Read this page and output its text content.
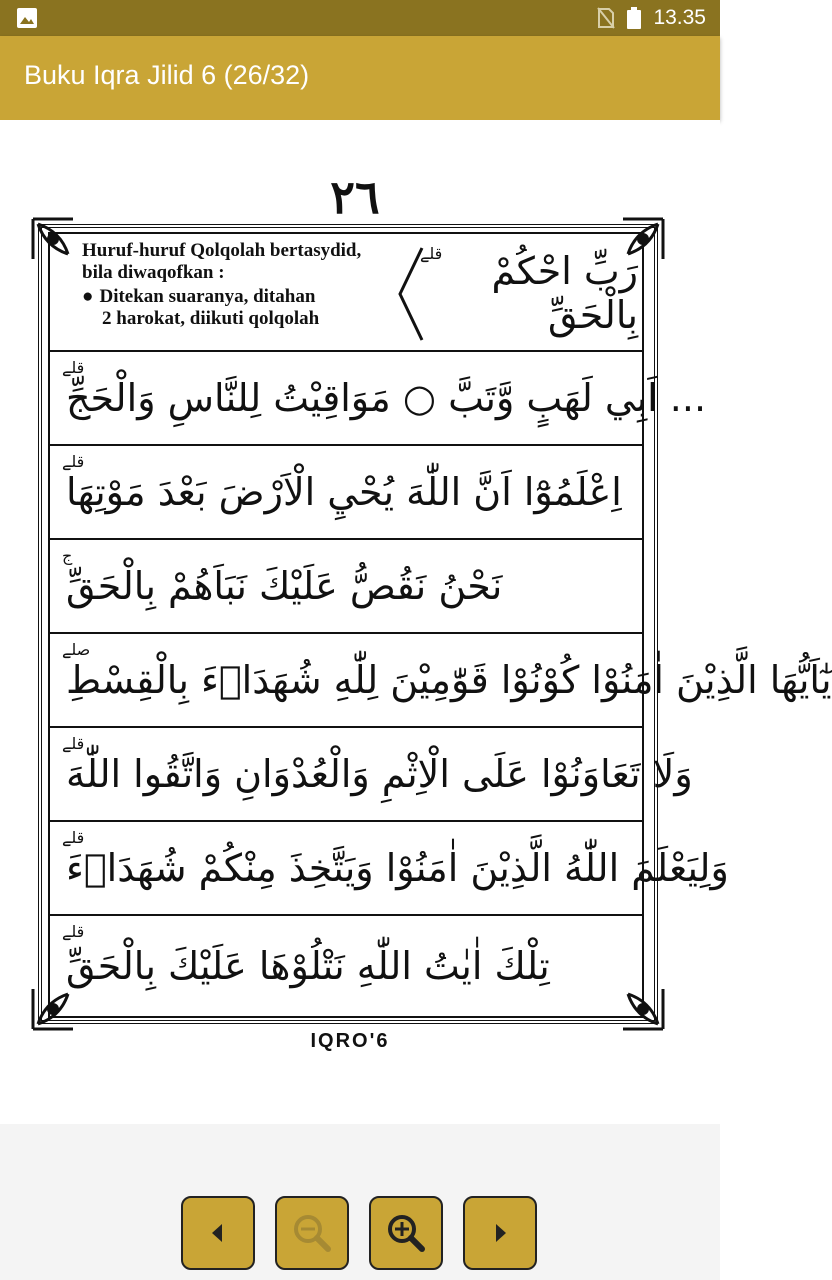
13.35
Buku Iqra Jilid 6 (26/32)
٢٦
Huruf-huruf Qolqolah bertasydid,
bila diwaqofkan :
● Ditekan suaranya, ditahan
2 harokat, diikuti qolqolah
رَبِّ احْكُمْ بِالْحَقِّ
قلے
قلے
... اَبِي لَهَبٍ وَّتَبَّ ○ مَوَاقِيْتُ لِلنَّاسِ وَالْحَجِّ
قلے
اِعْلَمُوْٓا اَنَّ اللّٰهَ يُحْيِ الْاَرْضَ بَعْدَ مَوْتِهَا
ج
نَحْنُ نَقُصُّ عَلَيْكَ نَبَاَهُمْ بِالْحَقِّ
صلے
يٰٓاَيُّهَا الَّذِيْنَ اٰمَنُوْا كُوْنُوْا قَوّٰمِيْنَ لِلّٰهِ شُهَدَاۤءَ بِالْقِسْطِ
قلے
وَلَا تَعَاوَنُوْا عَلَى الْاِثْمِ وَالْعُدْوَانِ وَاتَّقُوا اللّٰهَ
قلے
وَلِيَعْلَمَ اللّٰهُ الَّذِيْنَ اٰمَنُوْا وَيَتَّخِذَ مِنْكُمْ شُهَدَاۤءَ
قلے
تِلْكَ اٰيٰتُ اللّٰهِ نَتْلُوْهَا عَلَيْكَ بِالْحَقِّ
IQRO'6
